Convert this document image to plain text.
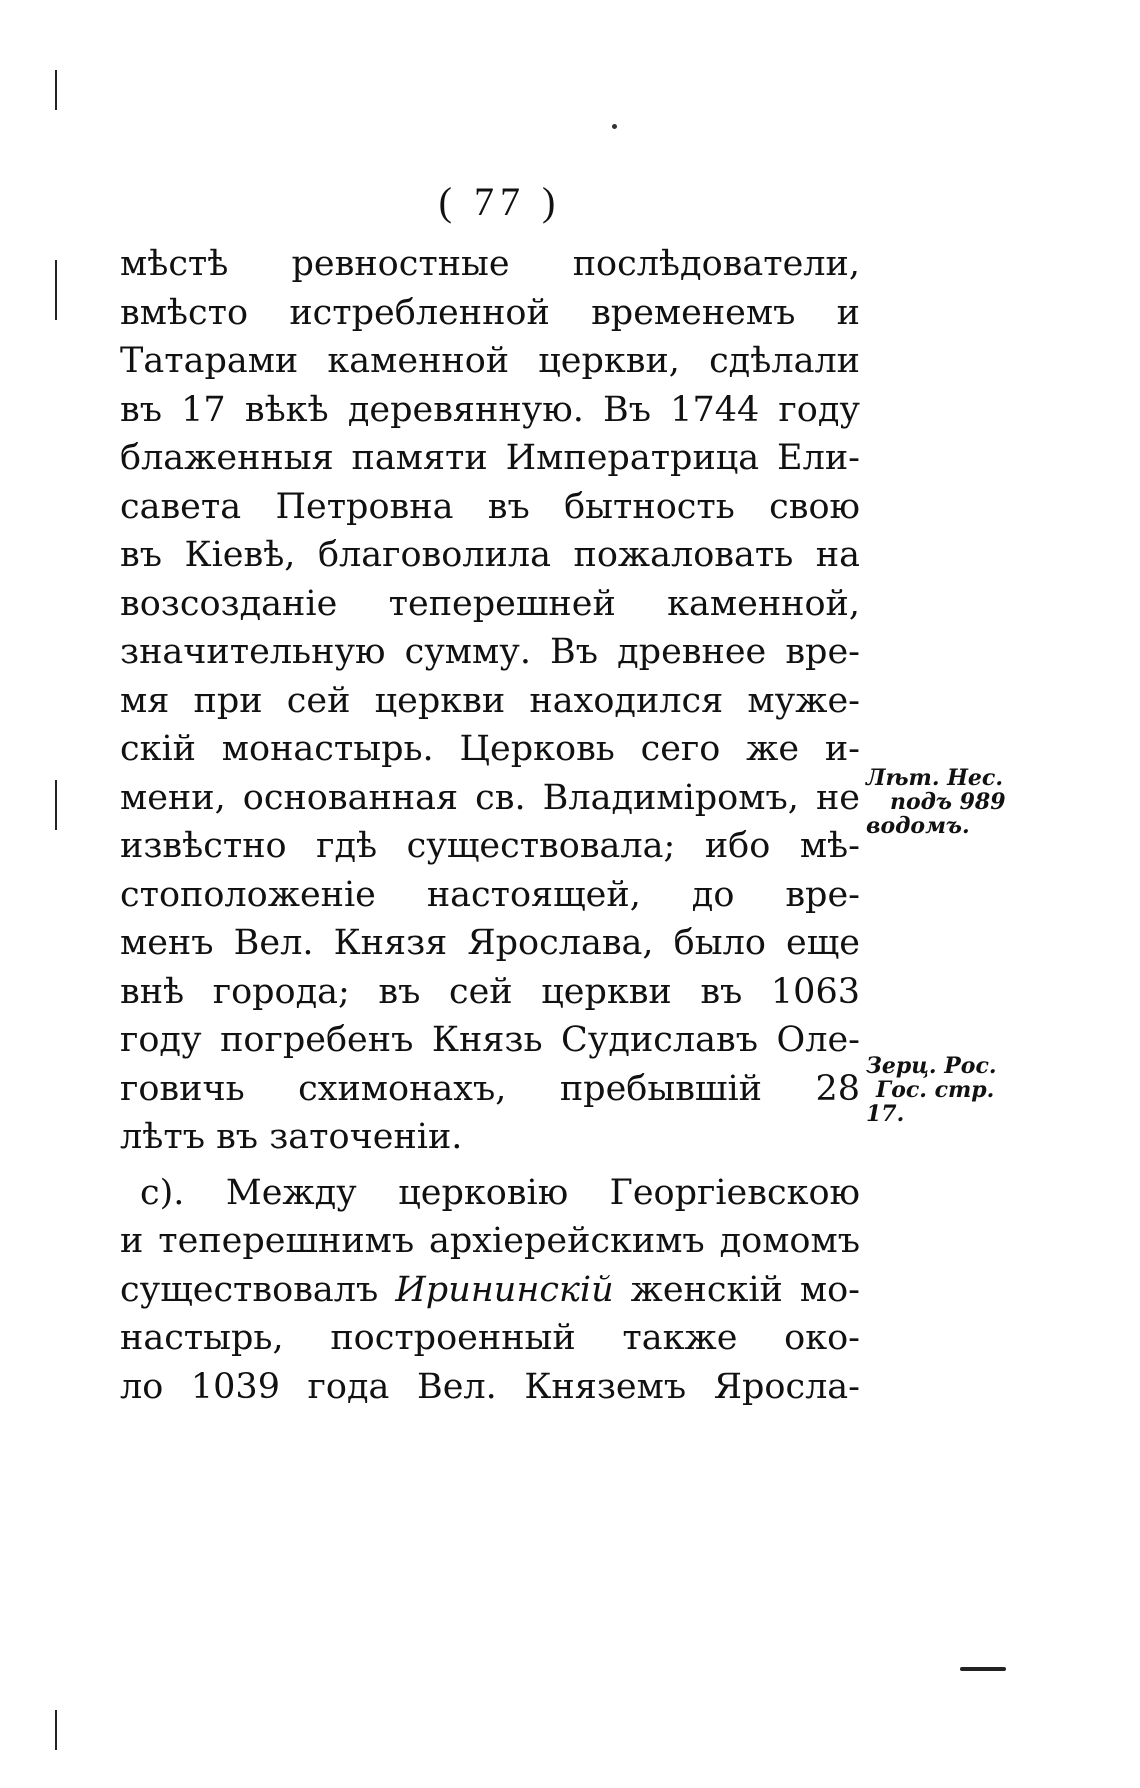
( 77 )
мѣстѣ ревностные послѣдователи,
вмѣсто истребленной временемъ и
Татарами каменной церкви, сдѣлали
въ 17 вѣкѣ деревянную. Въ 1744 году
блаженныя памяти Императрица Ели-
савета Петровна въ бытность свою
въ Кіевѣ, благоволила пожаловать на
возсозданіе теперешней каменной,
значительную сумму. Въ древнее вре-
мя при сей церкви находился муже-
скій монастырь. Церковь сего же и-
мени, основанная св. Владиміромъ, не
извѣстно гдѣ существовала; ибо мѣ-
стоположеніе настоящей, до вре-
менъ Вел. Князя Ярослава, было еще
внѣ города; въ сей церкви въ 1063
году погребенъ Князь Судиславъ Оле-
говичь схимонахъ, пребывшій 28
лѣтъ въ заточеніи.
с). Между церковію Георгіевскою
и теперешнимъ архіерейскимъ домомъ
существовалъ Ирининскій женскій мо-
настырь, построенный также око-
ло 1039 года Вел. Княземъ Яросла-
Лѣт. Нес.
подъ 989
водомъ.
Зерц. Рос.
Гос. стр.
17.
